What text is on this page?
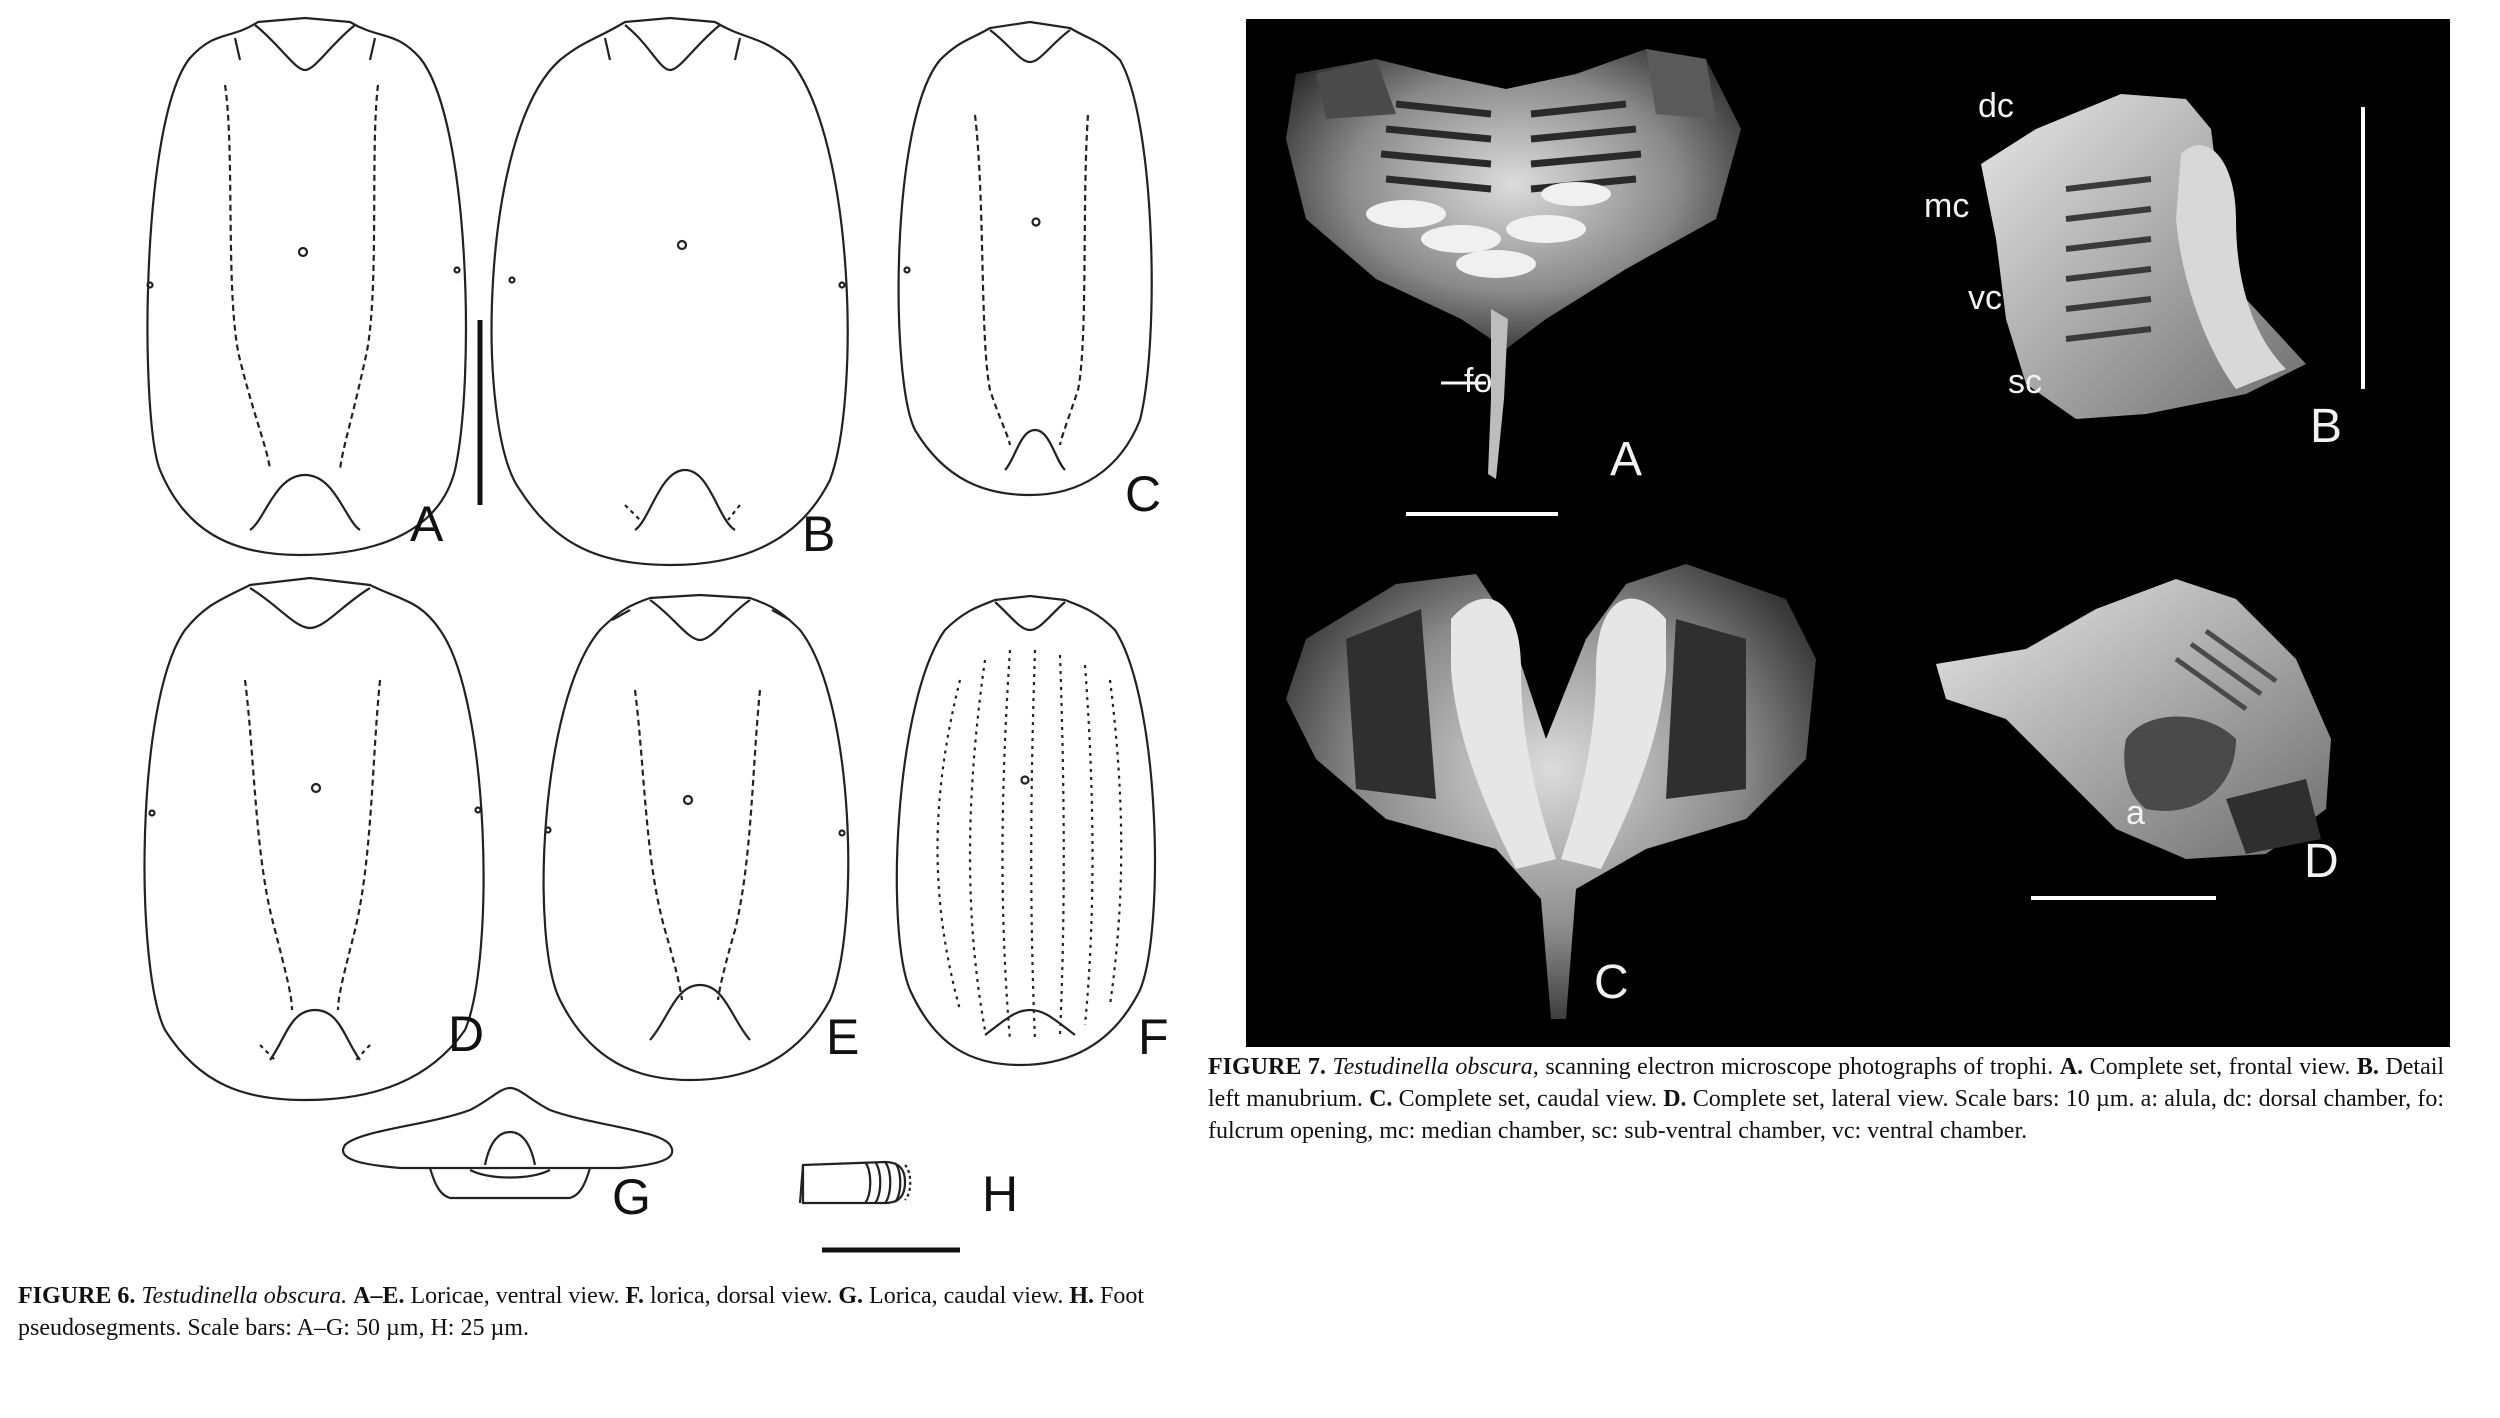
A	B
C
D	E	F
G	H
A
B
C
D
fo
dc
mc
vc
sc
a
FIGURE 7. Testudinella obscura, scanning electron microscope photographs of trophi. A. Complete set, frontal view. B. Detail left manubrium. C. Complete set, caudal view. D. Complete set, lateral view. Scale bars: 10 µm. a: alula, dc: dorsal chamber, fo: fulcrum opening, mc: median chamber, sc: sub-ventral chamber, vc: ventral chamber.
FIGURE 6. Testudinella obscura. A–E. Loricae, ventral view. F. lorica, dorsal view. G. Lorica, caudal view. H. Foot
pseudosegments. Scale bars: A–G: 50 µm, H: 25 µm.
